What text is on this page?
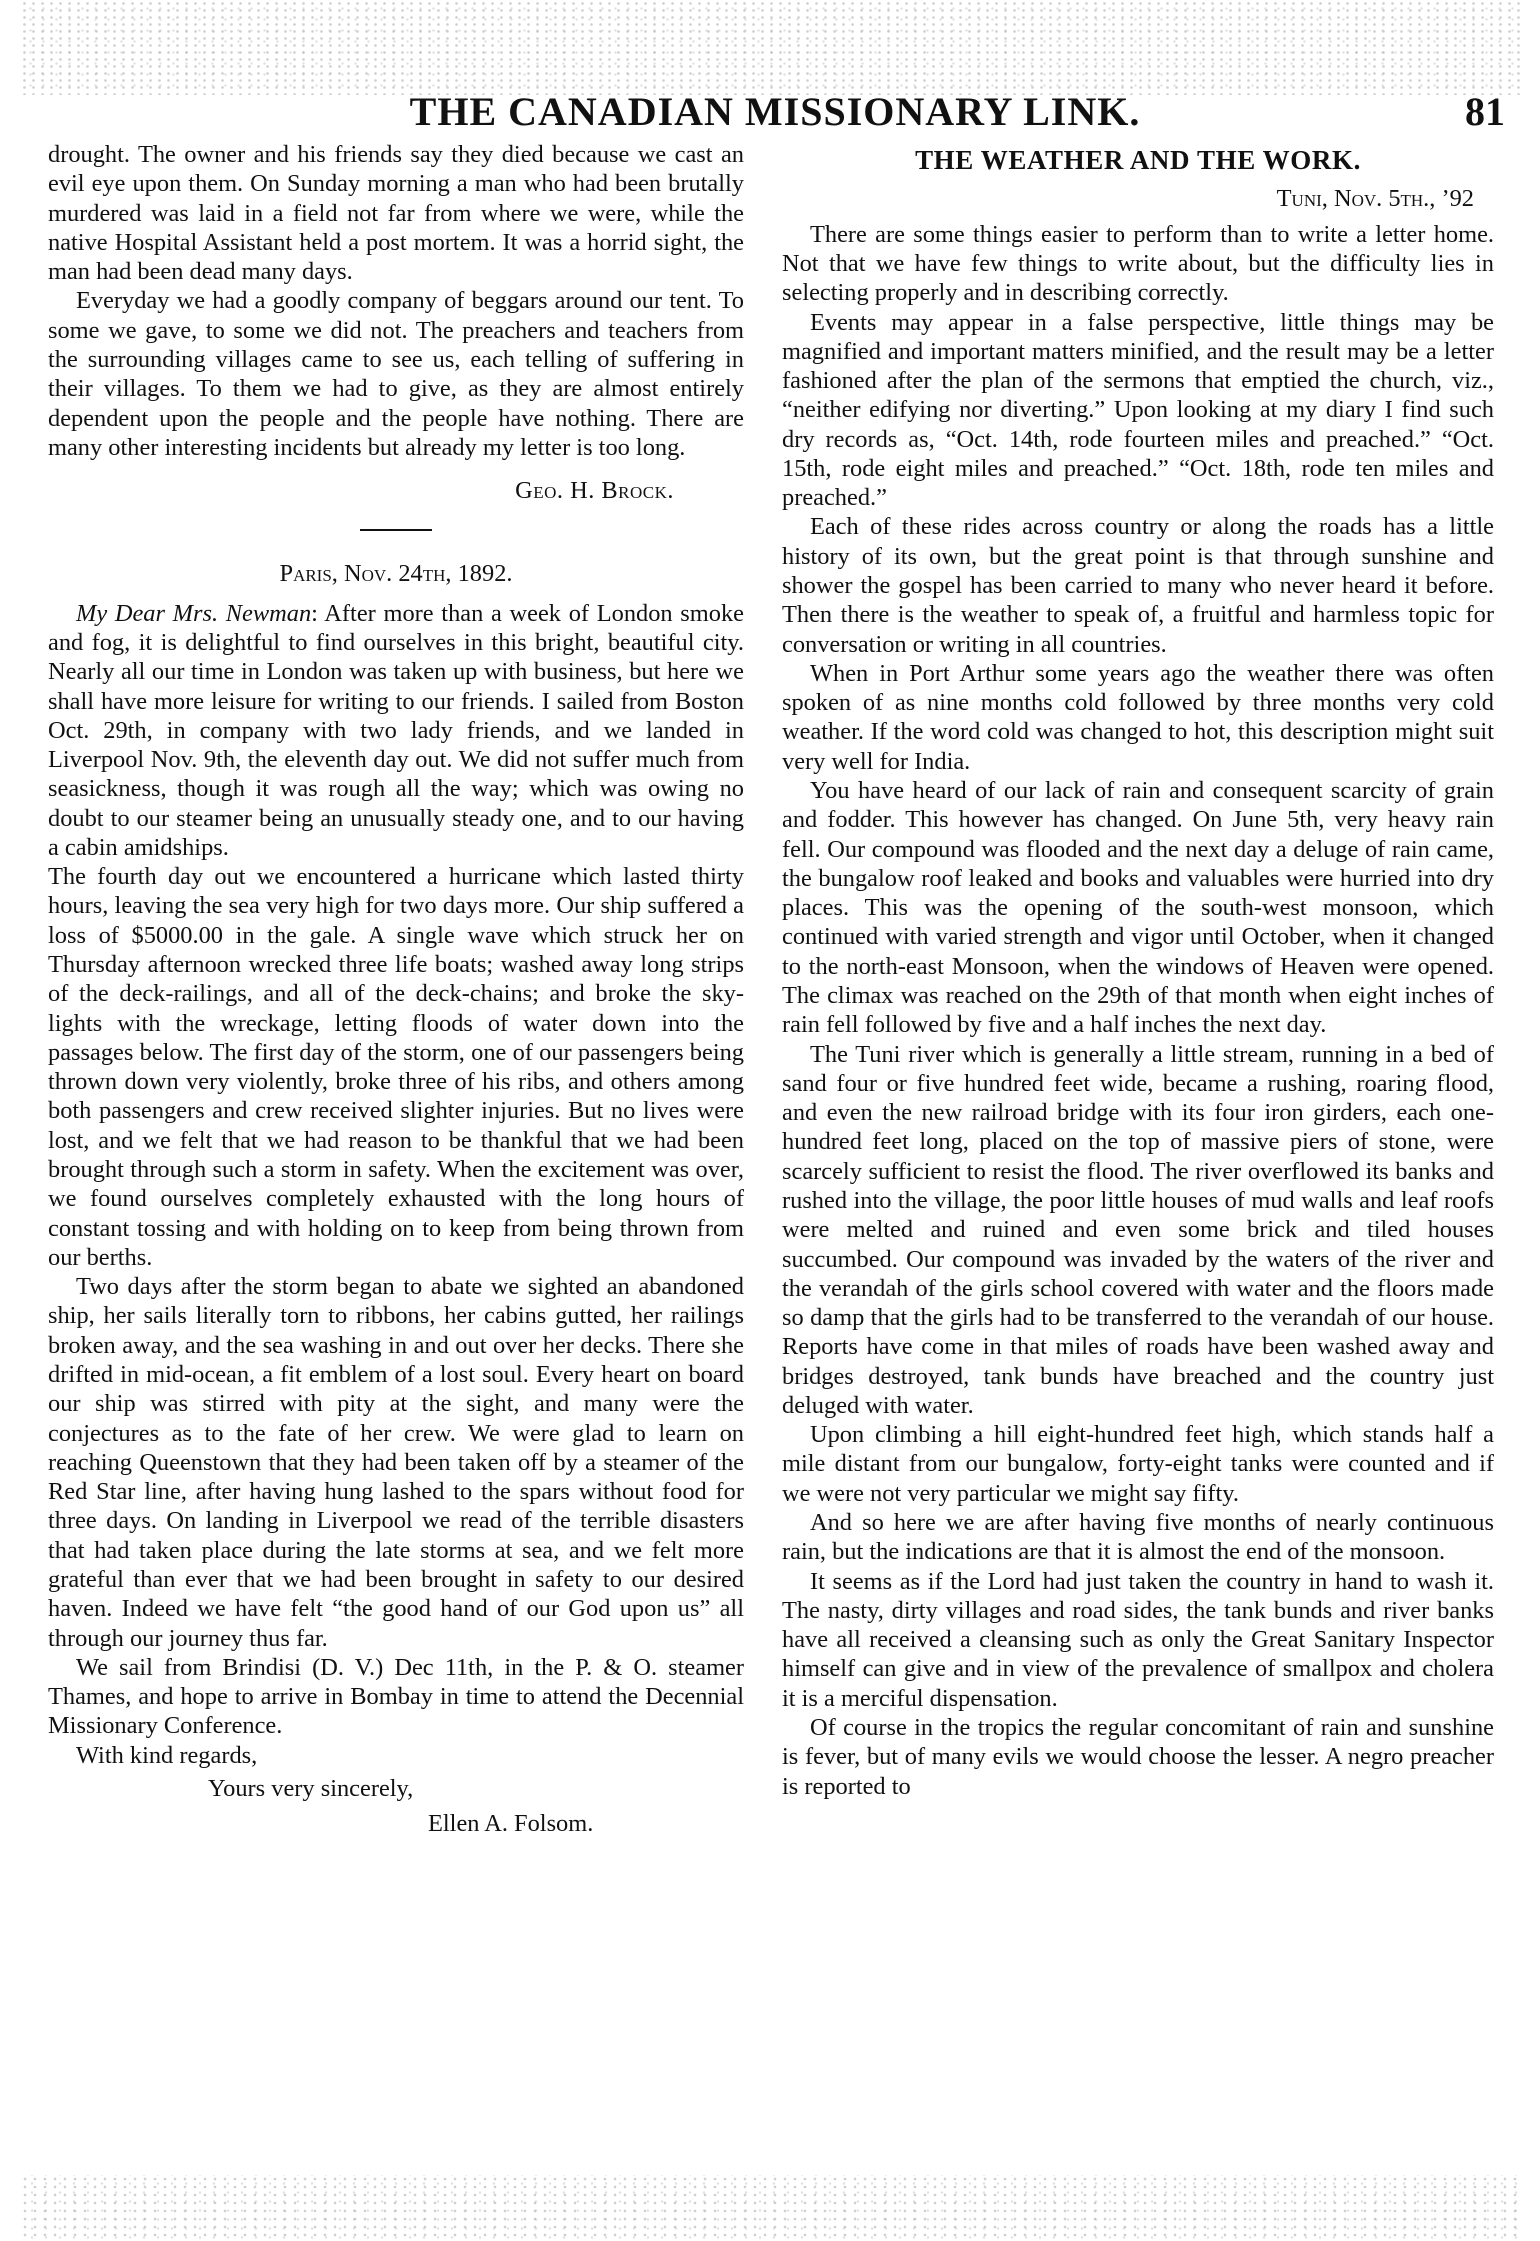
THE CANADIAN MISSIONARY LINK.	81

drought. The owner and his friends say they died because we cast an evil eye upon them. On Sunday morning a man who had been brutally murdered was laid in a field not far from where we were, while the native Hospital Assistant held a post mortem. It was a horrid sight, the man had been dead many days.

Everyday we had a goodly company of beggars around our tent. To some we gave, to some we did not. The preachers and teachers from the surrounding villages came to see us, each telling of suffering in their villages. To them we had to give, as they are almost entirely dependent upon the people and the people have nothing. There are many other interesting incidents but already my letter is too long.

Geo. H. Brock.
Paris, Nov. 24th, 1892.

My Dear Mrs. Newman: After more than a week of London smoke and fog, it is delightful to find ourselves in this bright, beautiful city. Nearly all our time in London was taken up with business, but here we shall have more leisure for writing to our friends. I sailed from Boston Oct. 29th, in company with two lady friends, and we landed in Liverpool Nov. 9th, the eleventh day out. We did not suffer much from seasickness, though it was rough all the way; which was owing no doubt to our steamer being an unusually steady one, and to our having a cabin amidships.

The fourth day out we encountered a hurricane which lasted thirty hours, leaving the sea very high for two days more. Our ship suffered a loss of $5000.00 in the gale. A single wave which struck her on Thursday afternoon wrecked three life boats; washed away long strips of the deck-railings, and all of the deck-chains; and broke the sky-lights with the wreckage, letting floods of water down into the passages below. The first day of the storm, one of our passengers being thrown down very violently, broke three of his ribs, and others among both passengers and crew received slighter injuries. But no lives were lost, and we felt that we had reason to be thankful that we had been brought through such a storm in safety. When the excitement was over, we found ourselves completely exhausted with the long hours of constant tossing and with holding on to keep from being thrown from our berths.

Two days after the storm began to abate we sighted an abandoned ship, her sails literally torn to ribbons, her cabins gutted, her railings broken away, and the sea washing in and out over her decks. There she drifted in mid-ocean, a fit emblem of a lost soul. Every heart on board our ship was stirred with pity at the sight, and many were the conjectures as to the fate of her crew. We were glad to learn on reaching Queenstown that they had been taken off by a steamer of the Red Star line, after having hung lashed to the spars without food for three days. On landing in Liverpool we read of the terrible disasters that had taken place during the late storms at sea, and we felt more grateful than ever that we had been brought in safety to our desired haven. Indeed we have felt “the good hand of our God upon us” all through our journey thus far.

We sail from Brindisi (D. V.) Dec 11th, in the P. & O. steamer Thames, and hope to arrive in Bombay in time to attend the Decennial Missionary Conference.

With kind regards,
Yours very sincerely,
Ellen A. Folsom.
THE WEATHER AND THE WORK.
Tuni, Nov. 5th., ’92

There are some things easier to perform than to write a letter home. Not that we have few things to write about, but the difficulty lies in selecting properly and in describing correctly.

Events may appear in a false perspective, little things may be magnified and important matters minified, and the result may be a letter fashioned after the plan of the sermons that emptied the church, viz., “neither edifying nor diverting.” Upon looking at my diary I find such dry records as, “Oct. 14th, rode fourteen miles and preached.” “Oct. 15th, rode eight miles and preached.” “Oct. 18th, rode ten miles and preached.”

Each of these rides across country or along the roads has a little history of its own, but the great point is that through sunshine and shower the gospel has been carried to many who never heard it before. Then there is the weather to speak of, a fruitful and harmless topic for conversation or writing in all countries.

When in Port Arthur some years ago the weather there was often spoken of as nine months cold followed by three months very cold weather. If the word cold was changed to hot, this description might suit very well for India.

You have heard of our lack of rain and consequent scarcity of grain and fodder. This however has changed. On June 5th, very heavy rain fell. Our compound was flooded and the next day a deluge of rain came, the bungalow roof leaked and books and valuables were hurried into dry places. This was the opening of the south-west monsoon, which continued with varied strength and vigor until October, when it changed to the north-east Monsoon, when the windows of Heaven were opened. The climax was reached on the 29th of that month when eight inches of rain fell followed by five and a half inches the next day.

The Tuni river which is generally a little stream, running in a bed of sand four or five hundred feet wide, became a rushing, roaring flood, and even the new railroad bridge with its four iron girders, each one-hundred feet long, placed on the top of massive piers of stone, were scarcely sufficient to resist the flood. The river overflowed its banks and rushed into the village, the poor little houses of mud walls and leaf roofs were melted and ruined and even some brick and tiled houses succumbed. Our compound was invaded by the waters of the river and the verandah of the girls school covered with water and the floors made so damp that the girls had to be transferred to the verandah of our house. Reports have come in that miles of roads have been washed away and bridges destroyed, tank bunds have breached and the country just deluged with water.

Upon climbing a hill eight-hundred feet high, which stands half a mile distant from our bungalow, forty-eight tanks were counted and if we were not very particular we might say fifty.

And so here we are after having five months of nearly continuous rain, but the indications are that it is almost the end of the monsoon.

It seems as if the Lord had just taken the country in hand to wash it. The nasty, dirty villages and road sides, the tank bunds and river banks have all received a cleansing such as only the Great Sanitary Inspector himself can give and in view of the prevalence of smallpox and cholera it is a merciful dispensation.

Of course in the tropics the regular concomitant of rain and sunshine is fever, but of many evils we would choose the lesser. A negro preacher is reported to
